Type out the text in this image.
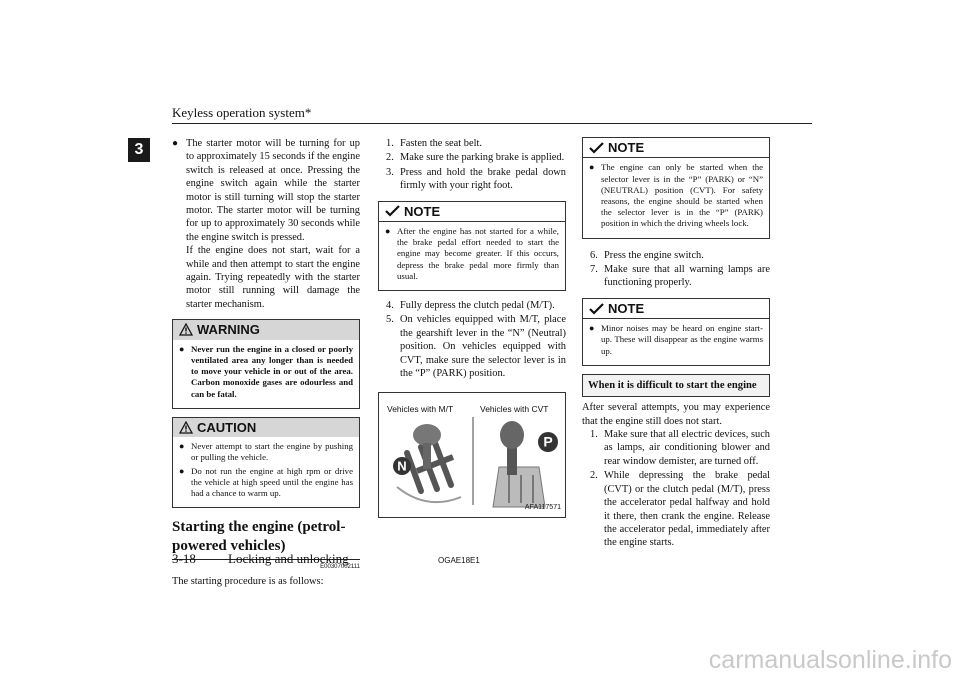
Keyless operation system*
3
●	The starter motor will be turning for up to approximately 15 seconds if the engine switch is released at once. Pressing the engine switch again while the starter motor is still turning will stop the starter motor. The starter motor will be turning for up to approximately 30 seconds while the engine switch is pressed.
If the engine does not start, wait for a while and then attempt to start the engine again. Trying repeatedly with the starter motor still running will damage the starter mechanism.
WARNING
● Never run the engine in a closed or poorly ventilated area any longer than is needed to move your vehicle in or out of the area. Carbon monoxide gases are odourless and can be fatal.
CAUTION
● Never attempt to start the engine by pushing or pulling the vehicle.
● Do not run the engine at high rpm or drive the vehicle at high speed until the engine has had a chance to warm up.
Starting the engine (petrol-powered vehicles)
E00307002111

The starting procedure is as follows:

1. Fasten the seat belt.
2. Make sure the parking brake is applied.
3. Press and hold the brake pedal down firmly with your right foot.
NOTE
● After the engine has not started for a while, the brake pedal effort needed to start the engine may become greater. If this occurs, depress the brake pedal more firmly than usual.
4. Fully depress the clutch pedal (M/T).
5. On vehicles equipped with M/T, place the gearshift lever in the “N” (Neutral) position. On vehicles equipped with CVT, make sure the selector lever is in the “P” (PARK) position.
Vehicles with M/T	Vehicles with CVT
N
P
AFA117571
NOTE
● The engine can only be started when the selector lever is in the “P” (PARK) or “N” (NEUTRAL) position (CVT). For safety reasons, the engine should be started when the selector lever is in the “P” (PARK) position in which the driving wheels lock.
6. Press the engine switch.
7. Make sure that all warning lamps are functioning properly.
NOTE
● Minor noises may be heard on engine start-up. These will disappear as the engine warms up.
When it is difficult to start the engine

After several attempts, you may experience that the engine still does not start.

1. Make sure that all electric devices, such as lamps, air conditioning blower and rear window demister, are turned off.
2. While depressing the brake pedal (CVT) or the clutch pedal (M/T), press the accelerator pedal halfway and hold it there, then crank the engine. Release the accelerator pedal, immediately after the engine starts.
3-18 Locking and unlocking	OGAE18E1
carmanualsonline.info
